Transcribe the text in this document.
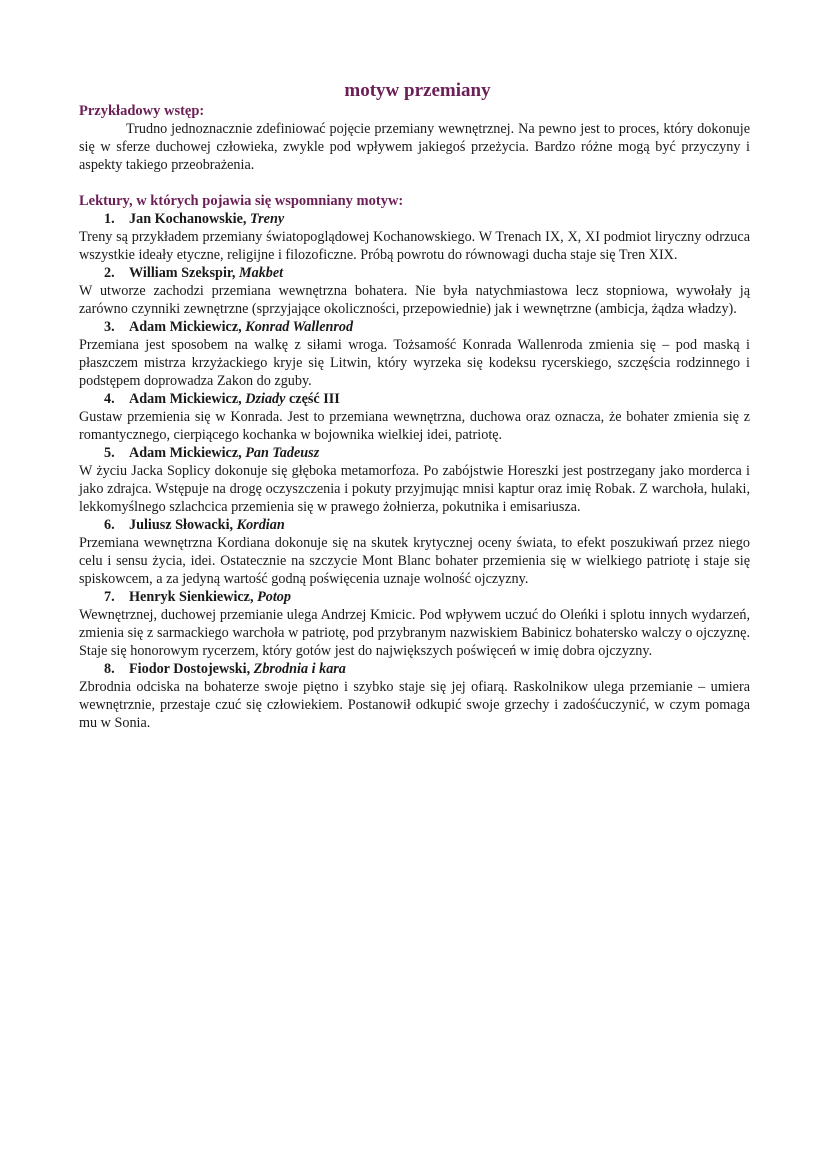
motyw przemiany

Przykładowy wstęp:

Trudno jednoznacznie zdefiniować pojęcie przemiany wewnętrznej. Na pewno jest to proces, który dokonuje się w sferze duchowej człowieka, zwykle pod wpływem jakiegoś przeżycia. Bardzo różne mogą być przyczyny i aspekty takiego przeobrażenia.

Lektury, w których pojawia się wspomniany motyw:

1. Jan Kochanowskie, Treny

Treny są przykładem przemiany światopoglądowej Kochanowskiego. W Trenach IX, X, XI podmiot liryczny odrzuca wszystkie ideały etyczne, religijne i filozoficzne. Próbą powrotu do równowagi ducha staje się Tren XIX.

2. William Szekspir, Makbet

W utworze zachodzi przemiana wewnętrzna bohatera. Nie była natychmiastowa lecz stopniowa, wywołały ją zarówno czynniki zewnętrzne (sprzyjające okoliczności, przepowiednie) jak i wewnętrzne (ambicja, żądza władzy).

3. Adam Mickiewicz, Konrad Wallenrod

Przemiana jest sposobem na walkę z siłami wroga. Tożsamość Konrada Wallenroda zmienia się – pod maską i płaszczem mistrza krzyżackiego kryje się Litwin, który wyrzeka się kodeksu rycerskiego, szczęścia rodzinnego i podstępem doprowadza Zakon do zguby.

4. Adam Mickiewicz, Dziady część III

Gustaw przemienia się w Konrada. Jest to przemiana wewnętrzna, duchowa oraz oznacza, że bohater zmienia się z romantycznego, cierpiącego kochanka w bojownika wielkiej idei, patriotę.

5. Adam Mickiewicz, Pan Tadeusz

W życiu Jacka Soplicy dokonuje się głęboka metamorfoza. Po zabójstwie Horeszki jest postrzegany jako morderca i jako zdrajca. Wstępuje na drogę oczyszczenia i pokuty przyjmując mnisi kaptur oraz imię Robak. Z warchoła, hulaki, lekkomyślnego szlachcica przemienia się w prawego żołnierza, pokutnika i emisariusza.

6. Juliusz Słowacki, Kordian

Przemiana wewnętrzna Kordiana dokonuje się na skutek krytycznej oceny świata, to efekt poszukiwań przez niego celu i sensu życia, idei. Ostatecznie na szczycie Mont Blanc bohater przemienia się w wielkiego patriotę i staje się spiskowcem, a za jedyną wartość godną poświęcenia uznaje wolność ojczyzny.

7. Henryk Sienkiewicz, Potop

Wewnętrznej, duchowej przemianie ulega Andrzej Kmicic. Pod wpływem uczuć do Oleńki i splotu innych wydarzeń, zmienia się z sarmackiego warchoła w patriotę, pod przybranym nazwiskiem Babinicz bohatersko walczy o ojczyznę. Staje się honorowym rycerzem, który gotów jest do największych poświęceń w imię dobra ojczyzny.

8. Fiodor Dostojewski, Zbrodnia i kara

Zbrodnia odciska na bohaterze swoje piętno i szybko staje się jej ofiarą. Raskolnikow ulega przemianie – umiera wewnętrznie, przestaje czuć się człowiekiem. Postanowił odkupić swoje grzechy i zadośćuczynić, w czym pomaga mu w Sonia.
